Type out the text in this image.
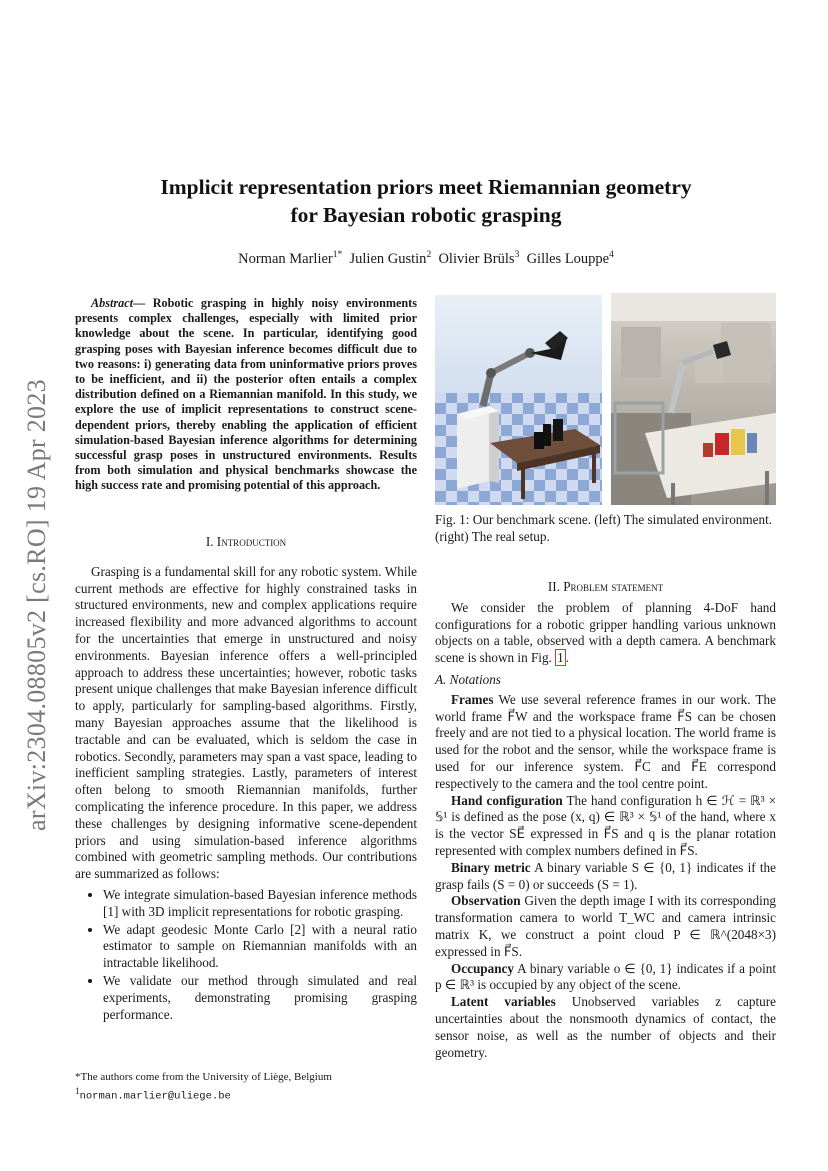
arXiv:2304.08805v2 [cs.RO] 19 Apr 2023
Implicit representation priors meet Riemannian geometry
for Bayesian robotic grasping
Norman Marlier$^{1*}$ Julien Gustin$^2$ Olivier Brüls$^3$ Gilles Louppe$^4$

Abstract— Robotic grasping in highly noisy environments presents complex challenges, especially with limited prior knowledge about the scene. In particular, identifying good grasping poses with Bayesian inference becomes difficult due to two reasons: i) generating data from uninformative priors proves to be inefficient, and ii) the posterior often entails a complex distribution defined on a Riemannian manifold. In this study, we explore the use of implicit representations to construct scene-dependent priors, thereby enabling the application of efficient simulation-based Bayesian inference algorithms for determining successful grasp poses in unstructured environments. Results from both simulation and physical benchmarks showcase the high success rate and promising potential of this approach.

I. Introduction

Grasping is a fundamental skill for any robotic system. While current methods are effective for highly constrained tasks in structured environments, new and complex applications require increased flexibility and more advanced algorithms to account for the uncertainties that emerge in unstructured and noisy environments. Bayesian inference offers a well-principled approach to address these uncertainties; however, robotic tasks present unique challenges that make Bayesian inference difficult to apply, particularly for sampling-based algorithms. Firstly, many Bayesian approaches assume that the likelihood is tractable and can be evaluated, which is seldom the case in robotics. Secondly, parameters may span a vast space, leading to inefficient sampling strategies. Lastly, parameters of interest often belong to smooth Riemannian manifolds, further complicating the inference procedure. In this paper, we address these challenges by designing informative scene-dependent priors and using simulation-based inference algorithms combined with geometric sampling methods. Our contributions are summarized as follows:

• We integrate simulation-based Bayesian inference methods [1] with 3D implicit representations for robotic grasping.
• We adapt geodesic Monte Carlo [2] with a neural ratio estimator to sample on Riemannian manifolds with an intractable likelihood.
• We validate our method through simulated and real experiments, demonstrating promising grasping performance.
*The authors come from the University of Liège, Belgium
$^1$norman.marlier@uliege.be
Fig. 1: Our benchmark scene. (left) The simulated environment. (right) The real setup.
II. Problem statement

We consider the problem of planning 4-DoF hand configurations for a robotic gripper handling various unknown objects on a table, observed with a depth camera. A benchmark scene is shown in Fig. 1 .

A. Notations

Frames We use several reference frames in our work. The world frame F⃗W and the workspace frame F⃗S can be chosen freely and are not tied to a physical location. The world frame is used for the robot and the sensor, while the workspace frame is used for our inference system. F⃗C and F⃗E correspond respectively to the camera and the tool centre point.

Hand configuration The hand configuration h ∈ ℋ = ℝ³ × 𝕊¹ is defined as the pose (x, q) ∈ ℝ³ × 𝕊¹ of the hand, where x is the vector SE⃗ expressed in F⃗S and q is the planar rotation represented with complex numbers defined in F⃗S.

Binary metric A binary variable S ∈ {0, 1} indicates if the grasp fails (S = 0) or succeeds (S = 1).

Observation Given the depth image I with its corresponding transformation camera to world T_WC and camera intrinsic matrix K, we construct a point cloud P ∈ ℝ^(2048×3) expressed in F⃗S.

Occupancy A binary variable o ∈ {0, 1} indicates if a point p ∈ ℝ³ is occupied by any object of the scene.

Latent variables Unobserved variables z capture uncertainties about the nonsmooth dynamics of contact, the sensor noise, as well as the number of objects and their geometry.
